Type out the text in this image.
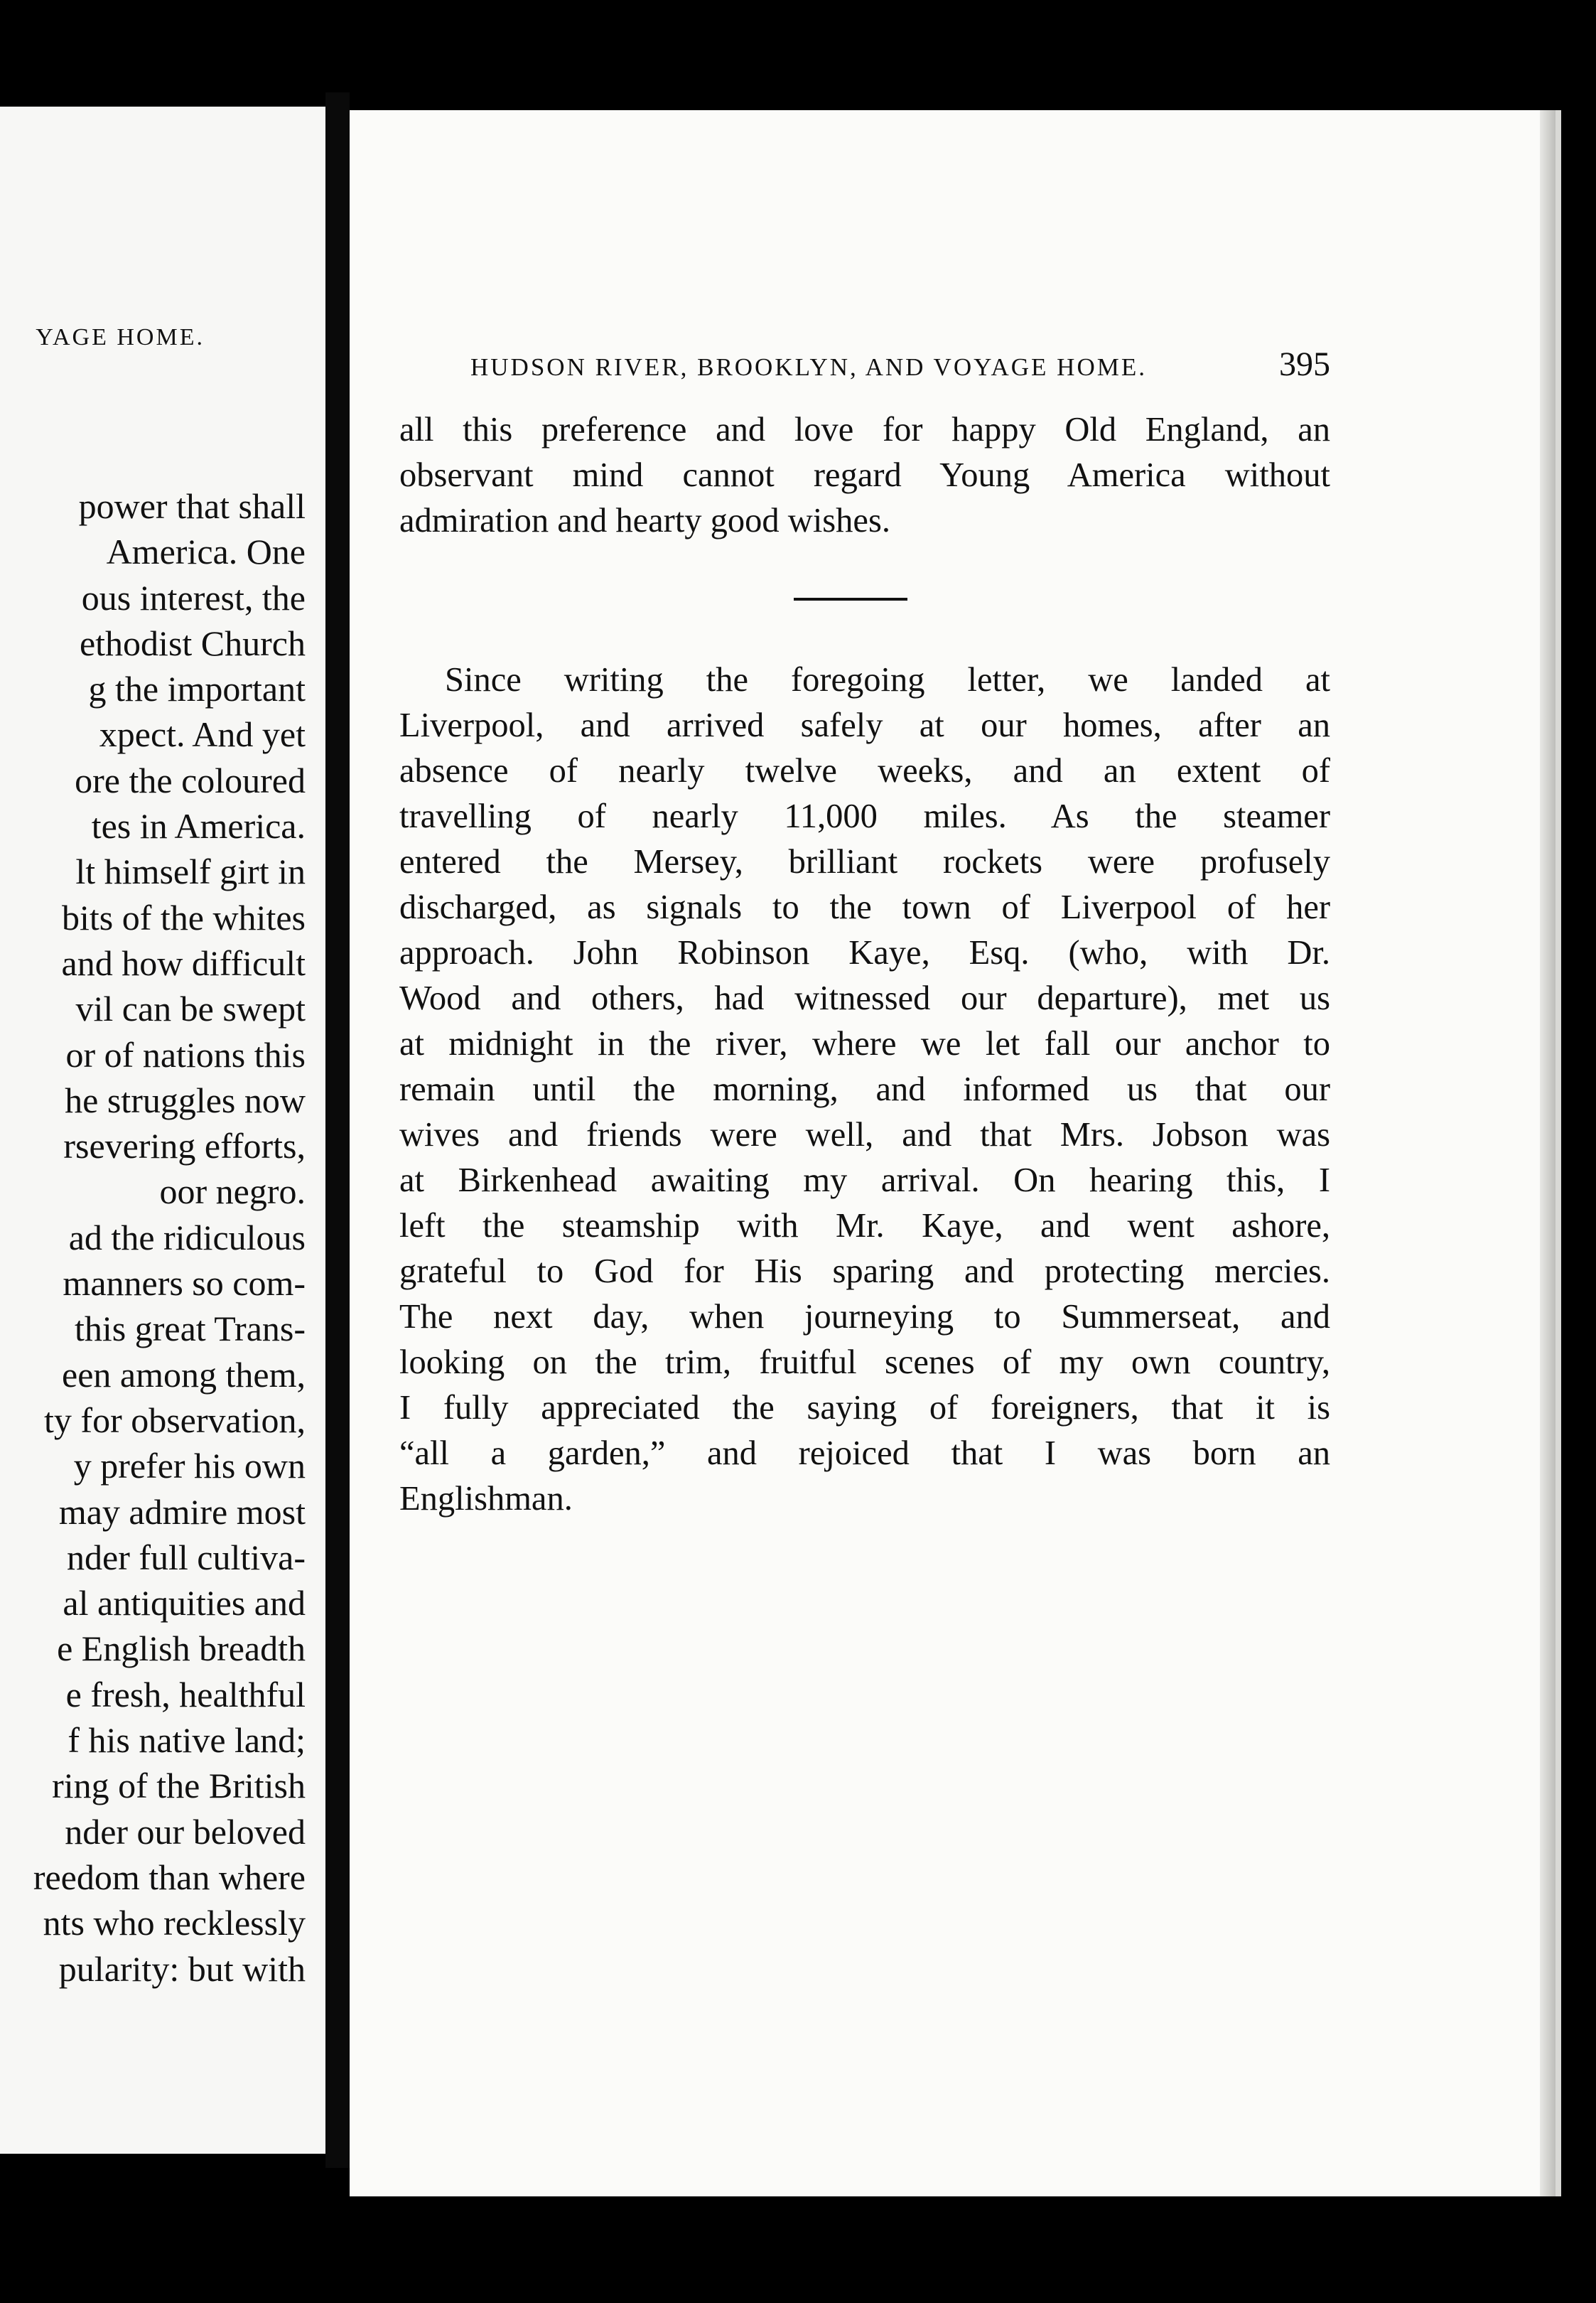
YAGE HOME.
power that shall
America. One
ous interest, the
ethodist Church
g the important
xpect. And yet
ore the coloured
tes in America.
lt himself girt in
bits of the whites
and how difficult
vil can be swept
or of nations this
he struggles now
rsevering efforts,
oor negro.
ad the ridiculous
manners so com-
this great Trans-
een among them,
ty for observation,
y prefer his own
may admire most
nder full cultiva-
al antiquities and
e English breadth
e fresh, healthful
f his native land;
ring of the British
nder our beloved
reedom than where
nts who recklessly
pularity: but with
HUDSON RIVER, BROOKLYN, AND VOYAGE HOME.	395
all this preference and love for happy Old England, an
observant mind cannot regard Young America without
admiration and hearty good wishes.
Since writing the foregoing letter, we landed at
Liverpool, and arrived safely at our homes, after an
absence of nearly twelve weeks, and an extent of
travelling of nearly 11,000 miles. As the steamer
entered the Mersey, brilliant rockets were profusely
discharged, as signals to the town of Liverpool of her
approach. John Robinson Kaye, Esq. (who, with Dr.
Wood and others, had witnessed our departure), met us
at midnight in the river, where we let fall our anchor to
remain until the morning, and informed us that our
wives and friends were well, and that Mrs. Jobson was
at Birkenhead awaiting my arrival. On hearing this, I
left the steamship with Mr. Kaye, and went ashore,
grateful to God for His sparing and protecting mercies.
The next day, when journeying to Summerseat, and
looking on the trim, fruitful scenes of my own country,
I fully appreciated the saying of foreigners, that it is
“all a garden,” and rejoiced that I was born an
Englishman.
